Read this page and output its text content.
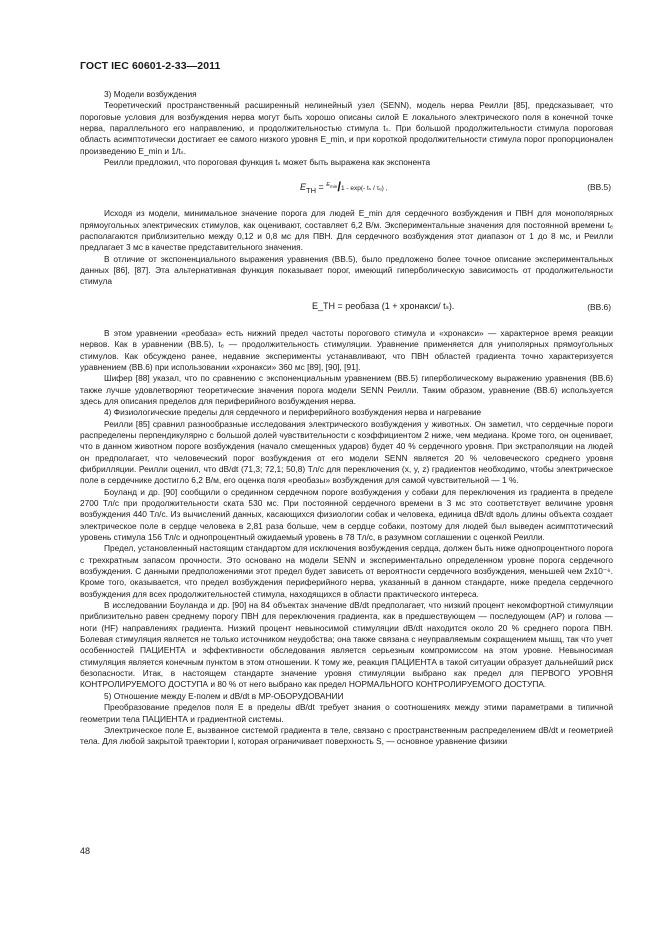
ГОСТ IEC 60601-2-33—2011

3) Модели возбуждения

Теоретический пространственный расширенный нелинейный узел (SENN), модель нерва Реилли [85], предсказывает, что пороговые условия для возбуждения нерва могут быть хорошо описаны силой E локального электрического поля в конечной точке нерва, параллельного его направлению, и продолжительностью стимула tₛ. При большой продолжительности стимула пороговая область асимптотически достигает ее самого низкого уровня E_min, и при короткой продолжительности стимула порог пропорционален произведению E_min и 1/tₛ.

Реилли предложил, что пороговая функция tₛ может быть выражена как экспонента

$E_{TH} = ^{E_{min}}/1 - \exp(-$ tₛ / τₑ) ,	(BB.5)

Исходя из модели, минимальное значение порога для людей E_min для сердечного возбуждения и ПВН для монополярных прямоугольных электрических стимулов, как оценивают, составляет 6,2 В/м. Экспериментальные значения для постоянной времени tₑ располагаются приблизительно между 0,12 и 0,8 мс для ПВН. Для сердечного возбуждения этот диапазон от 1 до 8 мс, и Реилли предлагает 3 мс в качестве представительного значения.

В отличие от экспоненциального выражения уравнения (BB.5), было предложено более точное описание экспериментальных данных [86], [87]. Эта альтернативная функция показывает порог, имеющий гиперболическую зависимость от продолжительности стимула

E_TH = реобаза (1 + хронакси/ tₛ).	(BB.6)

В этом уравнении «реобаза» есть нижний предел частоты порогового стимула и «хронакси» — характерное время реакции нервов. Как в уравнении (BB.5), tₑ — продолжительность стимуляции. Уравнение применяется для униполярных прямоугольных стимулов. Как обсуждено ранее, недавние эксперименты устанавливают, что ПВН областей градиента точно характеризуется уравнением (BB.6) при использовании «хронакси» 360 мс [89], [90], [91].

Шифер [88] указал, что по сравнению с экспоненциальным уравнением (BB.5) гиперболическому выражению уравнения (BB.6) также лучше удовлетворяют теоретические значения порога модели SENN Реилли. Таким образом, уравнение (BB.6) используется здесь для описания пределов для периферийного возбуждения нерва.

4) Физиологические пределы для сердечного и периферийного возбуждения нерва и нагревание

Реилли [85] сравнил разнообразные исследования электрического возбуждения у животных. Он заметил, что сердечные пороги распределены перпендикулярно с большой долей чувствительности с коэффициентом 2 ниже, чем медиана. Кроме того, он оценивает, что в данном животном пороге возбуждения (начало смещенных ударов) будет 40 % сердечного уровня. При экстраполяции на людей он предполагает, что человеческий порог возбуждения от его модели SENN является 20 % человеческого среднего уровня фибрилляции. Реилли оценил, что dB/dt (71,3; 72,1; 50,8) Тл/с для переключения (x, y, z) градиентов необходимо, чтобы электрическое поле в сердечнике достигло 6,2 В/м, его оценка поля «реобазы» возбуждения для самой чувствительной — 1 %.

Боуланд и др. [90] сообщили о срединном сердечном пороге возбуждения у собаки для переключения из градиента в пределе 2700 Тл/с при продолжительности ската 530 мс. При постоянной сердечного времени в 3 мс это соответствует величине уровня возбуждения 440 Тл/с. Из вычислений данных, касающихся физиологии собак и человека, единица dB/dt вдоль длины объекта создает электрическое поле в сердце человека в 2,81 раза больше, чем в сердце собаки, поэтому для людей был выведен асимптотический уровень стимула 156 Тл/с и однопроцентный ожидаемый уровень в 78 Тл/с, в разумном соглашении с оценкой Реилли.

Предел, установленный настоящим стандартом для исключения возбуждения сердца, должен быть ниже однопроцентного порога с трехкратным запасом прочности. Это основано на модели SENN и экспериментально определенном уровне порога сердечного возбуждения. С данными предположениями этот предел будет зависеть от вероятности сердечного возбуждения, меньшей чем 2x10⁻⁶. Кроме того, оказывается, что предел возбуждения периферийного нерва, указанный в данном стандарте, ниже предела сердечного возбуждения для всех продолжительностей стимула, находящихся в области практического интереса.

В исследовании Боуланда и др. [90] на 84 объектах значение dB/dt предполагает, что низкий процент некомфортной стимуляции приблизительно равен среднему порогу ПВН для переключения градиента, как в предшествующем — последующем (AP) и голова — ноги (HF) направлениях градиента. Низкий процент невыносимой стимуляции dB/dt находится около 20 % среднего порога ПВН. Болевая стимуляция является не только источником неудобства; она также связана с неуправляемым сокращением мышц, так что учет особенностей ПАЦИЕНТА и эффективности обследования является серьезным компромиссом на этом уровне. Невыносимая стимуляция является конечным пунктом в этом отношении. К тому же, реакция ПАЦИЕНТА в такой ситуации образует дальнейший риск безопасности. Итак, в настоящем стандарте значение уровня стимуляции выбрано как предел для ПЕРВОГО УРОВНЯ КОНТРОЛИРУЕМОГО ДОСТУПА и 80 % от него выбрано как предел НОРМАЛЬНОГО КОНТРОЛИРУЕМОГО ДОСТУПА.

5) Отношение между E-полем и dB/dt в МР-ОБОРУДОВАНИИ

Преобразование пределов поля E в пределы dB/dt требует знания о соотношениях между этими параметрами в типичной геометрии тела ПАЦИЕНТА и градиентной системы.

Электрическое поле E, вызванное системой градиента в теле, связано с пространственным распределением dB/dt и геометрией тела. Для любой закрытой траектории l, которая ограничивает поверхность S, — основное уравнение физики

48
